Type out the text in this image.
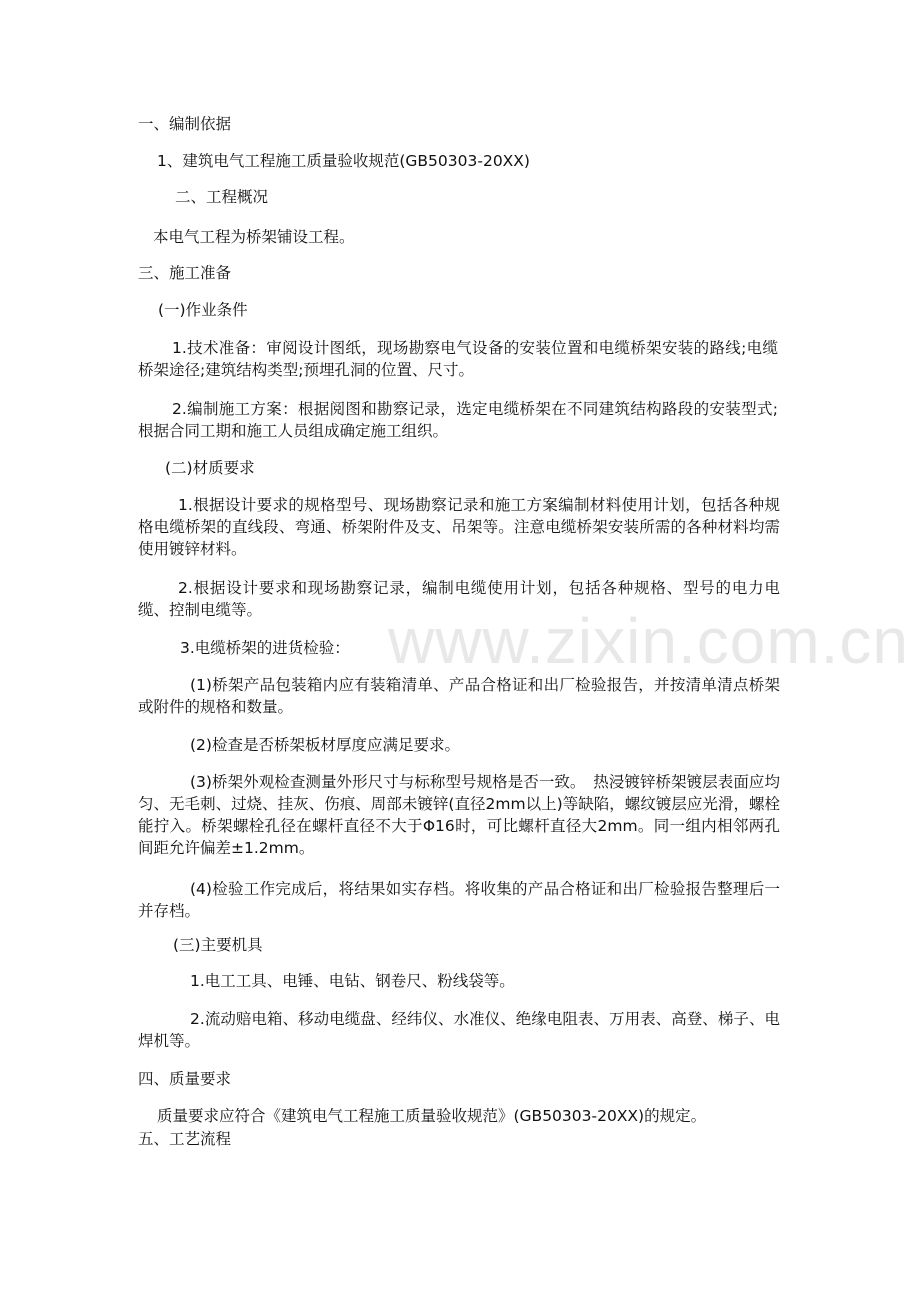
www.zixin.com.cn
一、编制依据
1、建筑电气工程施工质量验收规范(GB50303-20XX)
二、工程概况
本电气工程为桥架铺设工程。
三、施工准备
(一)作业条件
1.技术准备：审阅设计图纸，现场勘察电气设备的安装位置和电缆桥架安装的路线;电缆桥架途径;建筑结构类型;预埋孔洞的位置、尺寸。
2.编制施工方案：根据阅图和勘察记录，选定电缆桥架在不同建筑结构路段的安装型式;根据合同工期和施工人员组成确定施工组织。
(二)材质要求
1.根据设计要求的规格型号、现场勘察记录和施工方案编制材料使用计划，包括各种规格电缆桥架的直线段、弯通、桥架附件及支、吊架等。注意电缆桥架安装所需的各种材料均需使用镀锌材料。
2.根据设计要求和现场勘察记录，编制电缆使用计划，包括各种规格、型号的电力电缆、控制电缆等。
3.电缆桥架的进货检验：
(1)桥架产品包装箱内应有装箱清单、产品合格证和出厂检验报告，并按清单清点桥架或附件的规格和数量。
(2)检查是否桥架板材厚度应满足要求。
(3)桥架外观检查测量外形尺寸与标称型号规格是否一致。　热浸镀锌桥架镀层表面应均匀、无毛刺、过烧、挂灰、伤痕、周部未镀锌(直径2mm以上)等缺陷，螺纹镀层应光滑，螺栓能拧入。桥架螺栓孔径在螺杆直径不大于Φ16时，可比螺杆直径大2mm。同一组内相邻两孔间距允许偏差±1.2mm。
(4)检验工作完成后，将结果如实存档。将收集的产品合格证和出厂检验报告整理后一并存档。
(三)主要机具
1.电工工具、电锤、电钻、钢卷尺、粉线袋等。
2.流动赔电箱、移动电缆盘、经纬仪、水准仪、绝缘电阻表、万用表、高登、梯子、电焊机等。
四、质量要求
质量要求应符合《建筑电气工程施工质量验收规范》(GB50303-20XX)的规定。
五、工艺流程
